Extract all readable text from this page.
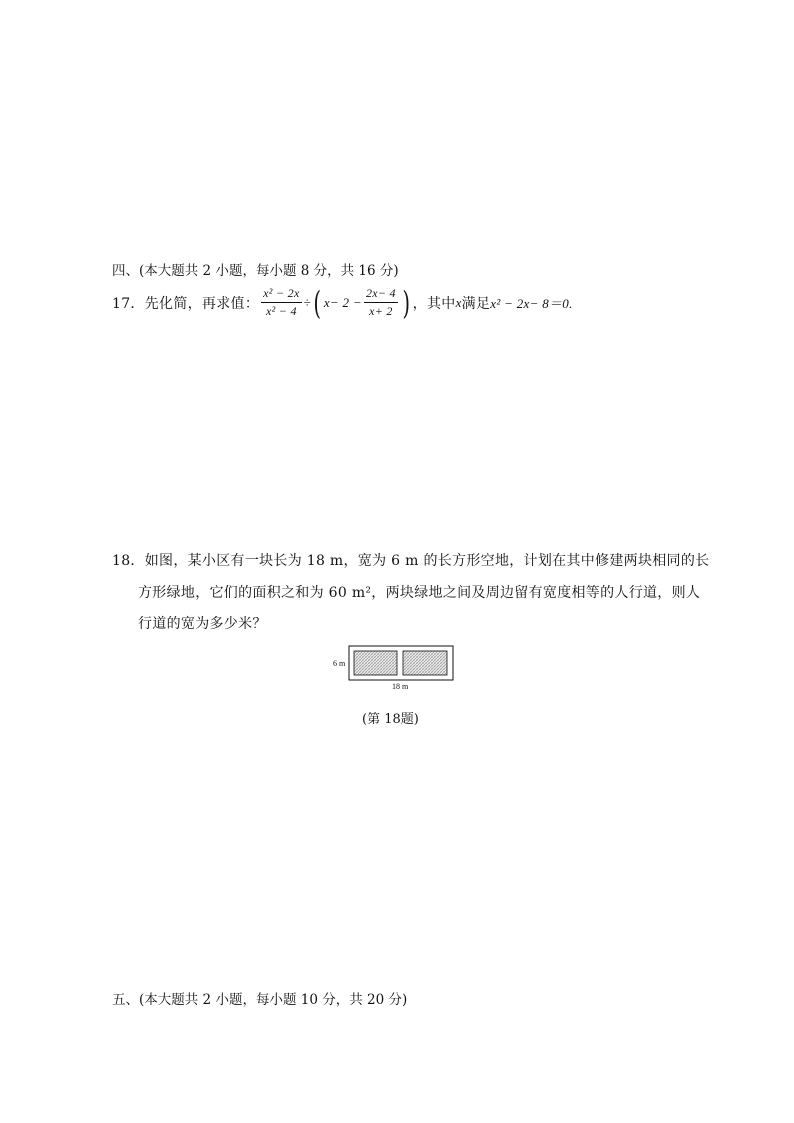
四、(本大题共 2 小题，每小题 8 分，共 16 分)
17． 先化简，再求值： $\frac{\text{x² − 2x}}{\text{x² − 4}}$ ÷ ( $x- 2 - \frac{2x- 4}{x+ 2}$ ) ，其中 x 满足 x² − 2x− 8＝0.
18．如图，某小区有一块长为 18 m，宽为 6 m 的长方形空地，计划在其中修建两块相同的长
方形绿地，它们的面积之和为 60 m²，两块绿地之间及周边留有宽度相等的人行道，则人
行道的宽为多少米？
6 m
18 m
(第 18题)
五、(本大题共 2 小题，每小题 10 分，共 20 分)
